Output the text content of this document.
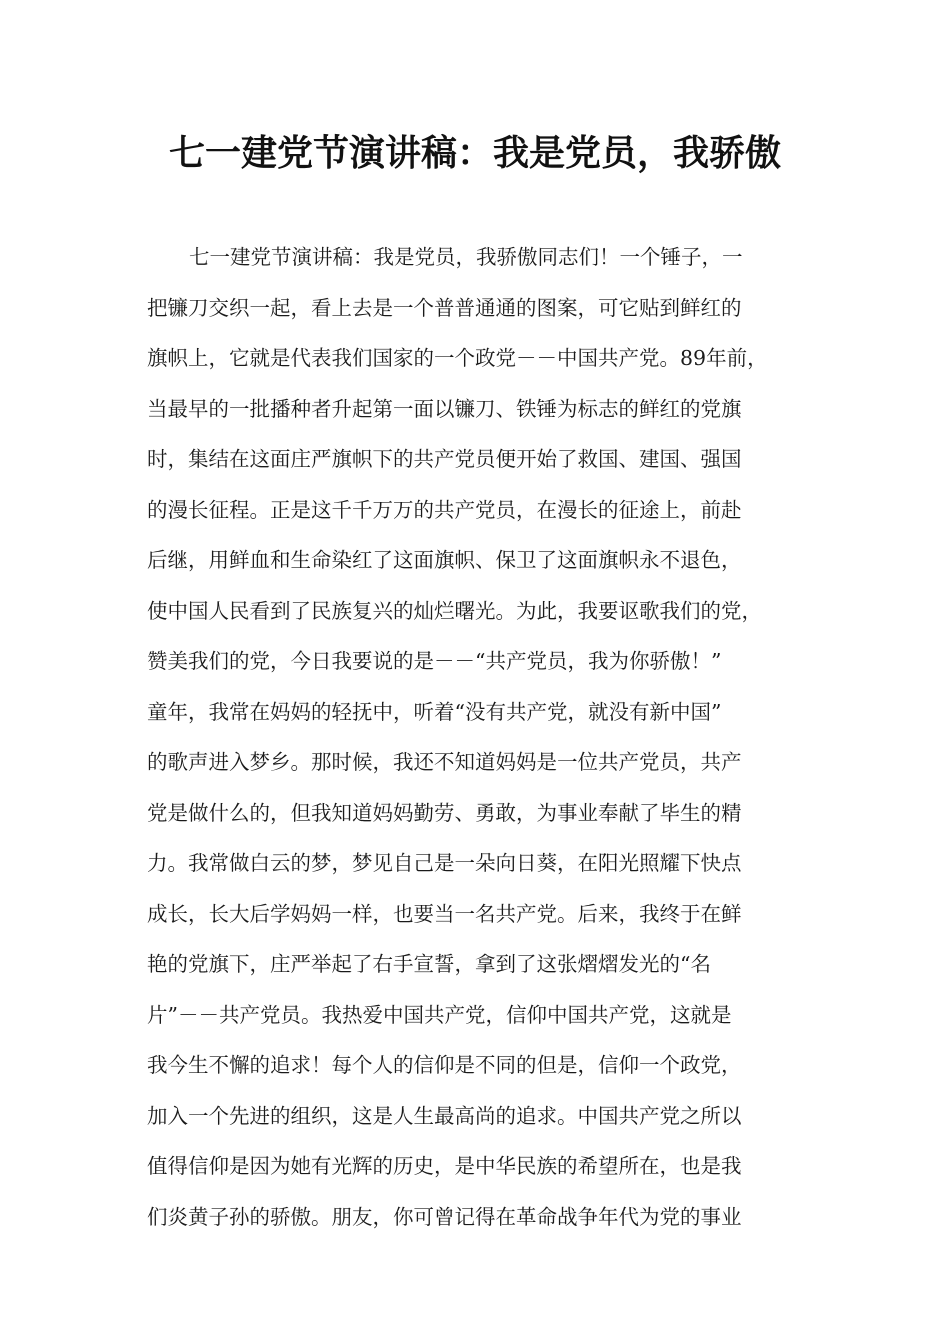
七一建党节演讲稿：我是党员，我骄傲
七一建党节演讲稿：我是党员，我骄傲同志们！一个锤子，一
把镰刀交织一起，看上去是一个普普通通的图案，可它贴到鲜红的
旗帜上，它就是代表我们国家的一个政党－－中国共产党。89年前，
当最早的一批播种者升起第一面以镰刀、铁锤为标志的鲜红的党旗
时，集结在这面庄严旗帜下的共产党员便开始了救国、建国、强国
的漫长征程。正是这千千万万的共产党员，在漫长的征途上，前赴
后继，用鲜血和生命染红了这面旗帜、保卫了这面旗帜永不退色，
使中国人民看到了民族复兴的灿烂曙光。为此，我要讴歌我们的党，
赞美我们的党，今日我要说的是－－“共产党员，我为你骄傲！”
童年，我常在妈妈的轻抚中，听着“没有共产党，就没有新中国”
的歌声进入梦乡。那时候，我还不知道妈妈是一位共产党员，共产
党是做什么的，但我知道妈妈勤劳、勇敢，为事业奉献了毕生的精
力。我常做白云的梦，梦见自己是一朵向日葵，在阳光照耀下快点
成长，长大后学妈妈一样，也要当一名共产党。后来，我终于在鲜
艳的党旗下，庄严举起了右手宣誓，拿到了这张熠熠发光的“名
片”－－共产党员。我热爱中国共产党，信仰中国共产党，这就是
我今生不懈的追求！每个人的信仰是不同的但是，信仰一个政党，
加入一个先进的组织，这是人生最高尚的追求。中国共产党之所以
值得信仰是因为她有光辉的历史，是中华民族的希望所在，也是我
们炎黄子孙的骄傲。朋友，你可曾记得在革命战争年代为党的事业
